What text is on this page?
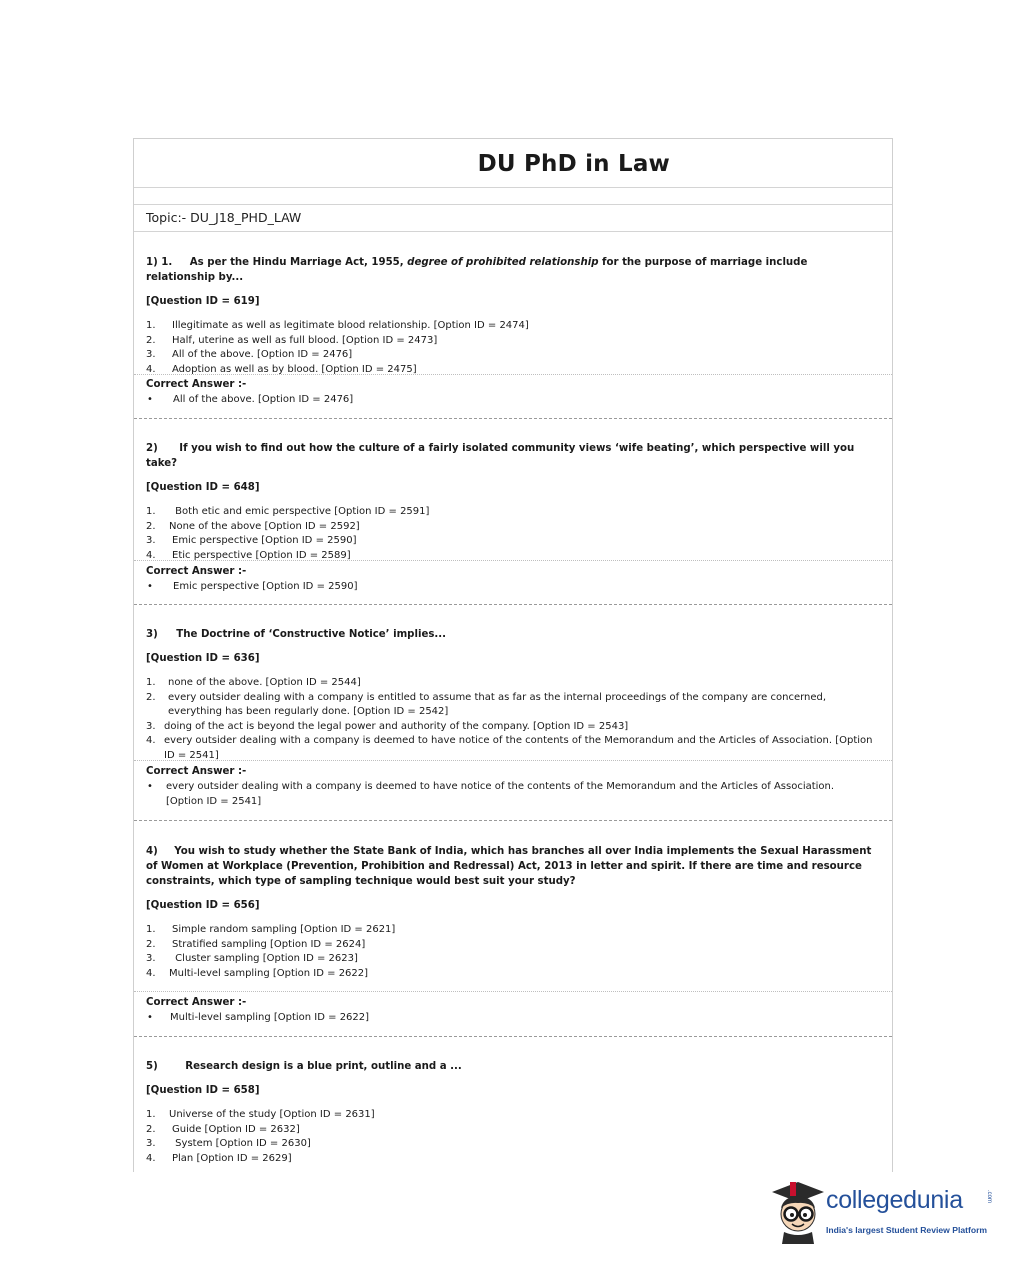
DU PhD in Law
Topic:- DU_J18_PHD_LAW
1) 1. As per the Hindu Marriage Act, 1955, degree of prohibited relationship for the purpose of marriage include relationship by...
[Question ID = 619]
1.	Illegitimate as well as legitimate blood relationship. [Option ID = 2474]
2.	Half, uterine as well as full blood. [Option ID = 2473]
3.	All of the above. [Option ID = 2476]
4.	Adoption as well as by blood. [Option ID = 2475]
Correct Answer :-
•	All of the above. [Option ID = 2476]
2) If you wish to find out how the culture of a fairly isolated community views ‘wife beating’, which perspective will you take?
[Question ID = 648]
1.	Both etic and emic perspective [Option ID = 2591]
2.	None of the above [Option ID = 2592]
3.	Emic perspective [Option ID = 2590]
4.	Etic perspective [Option ID = 2589]
Correct Answer :-
•	Emic perspective [Option ID = 2590]
3) The Doctrine of ‘Constructive Notice’ implies...
[Question ID = 636]
1.	none of the above. [Option ID = 2544]
2.	every outsider dealing with a company is entitled to assume that as far as the internal proceedings of the company are concerned, everything has been regularly done. [Option ID = 2542]
3. doing of the act is beyond the legal power and authority of the company. [Option ID = 2543]
4. every outsider dealing with a company is deemed to have notice of the contents of the Memorandum and the Articles of Association. [Option ID = 2541]
Correct Answer :-
•	every outsider dealing with a company is deemed to have notice of the contents of the Memorandum and the Articles of Association. [Option ID = 2541]
4) You wish to study whether the State Bank of India, which has branches all over India implements the Sexual Harassment of Women at Workplace (Prevention, Prohibition and Redressal) Act, 2013 in letter and spirit. If there are time and resource constraints, which type of sampling technique would best suit your study?
[Question ID = 656]
1.	Simple random sampling [Option ID = 2621]
2.	Stratified sampling [Option ID = 2624]
3.	Cluster sampling [Option ID = 2623]
4.	Multi-level sampling [Option ID = 2622]
Correct Answer :-
•	Multi-level sampling [Option ID = 2622]
5)	Research design is a blue print, outline and a ...
[Question ID = 658]
1.	Universe of the study [Option ID = 2631]
2.	Guide [Option ID = 2632]
3.	System [Option ID = 2630]
4.	Plan [Option ID = 2629]
collegedunia	.com
India's largest Student Review Platform
